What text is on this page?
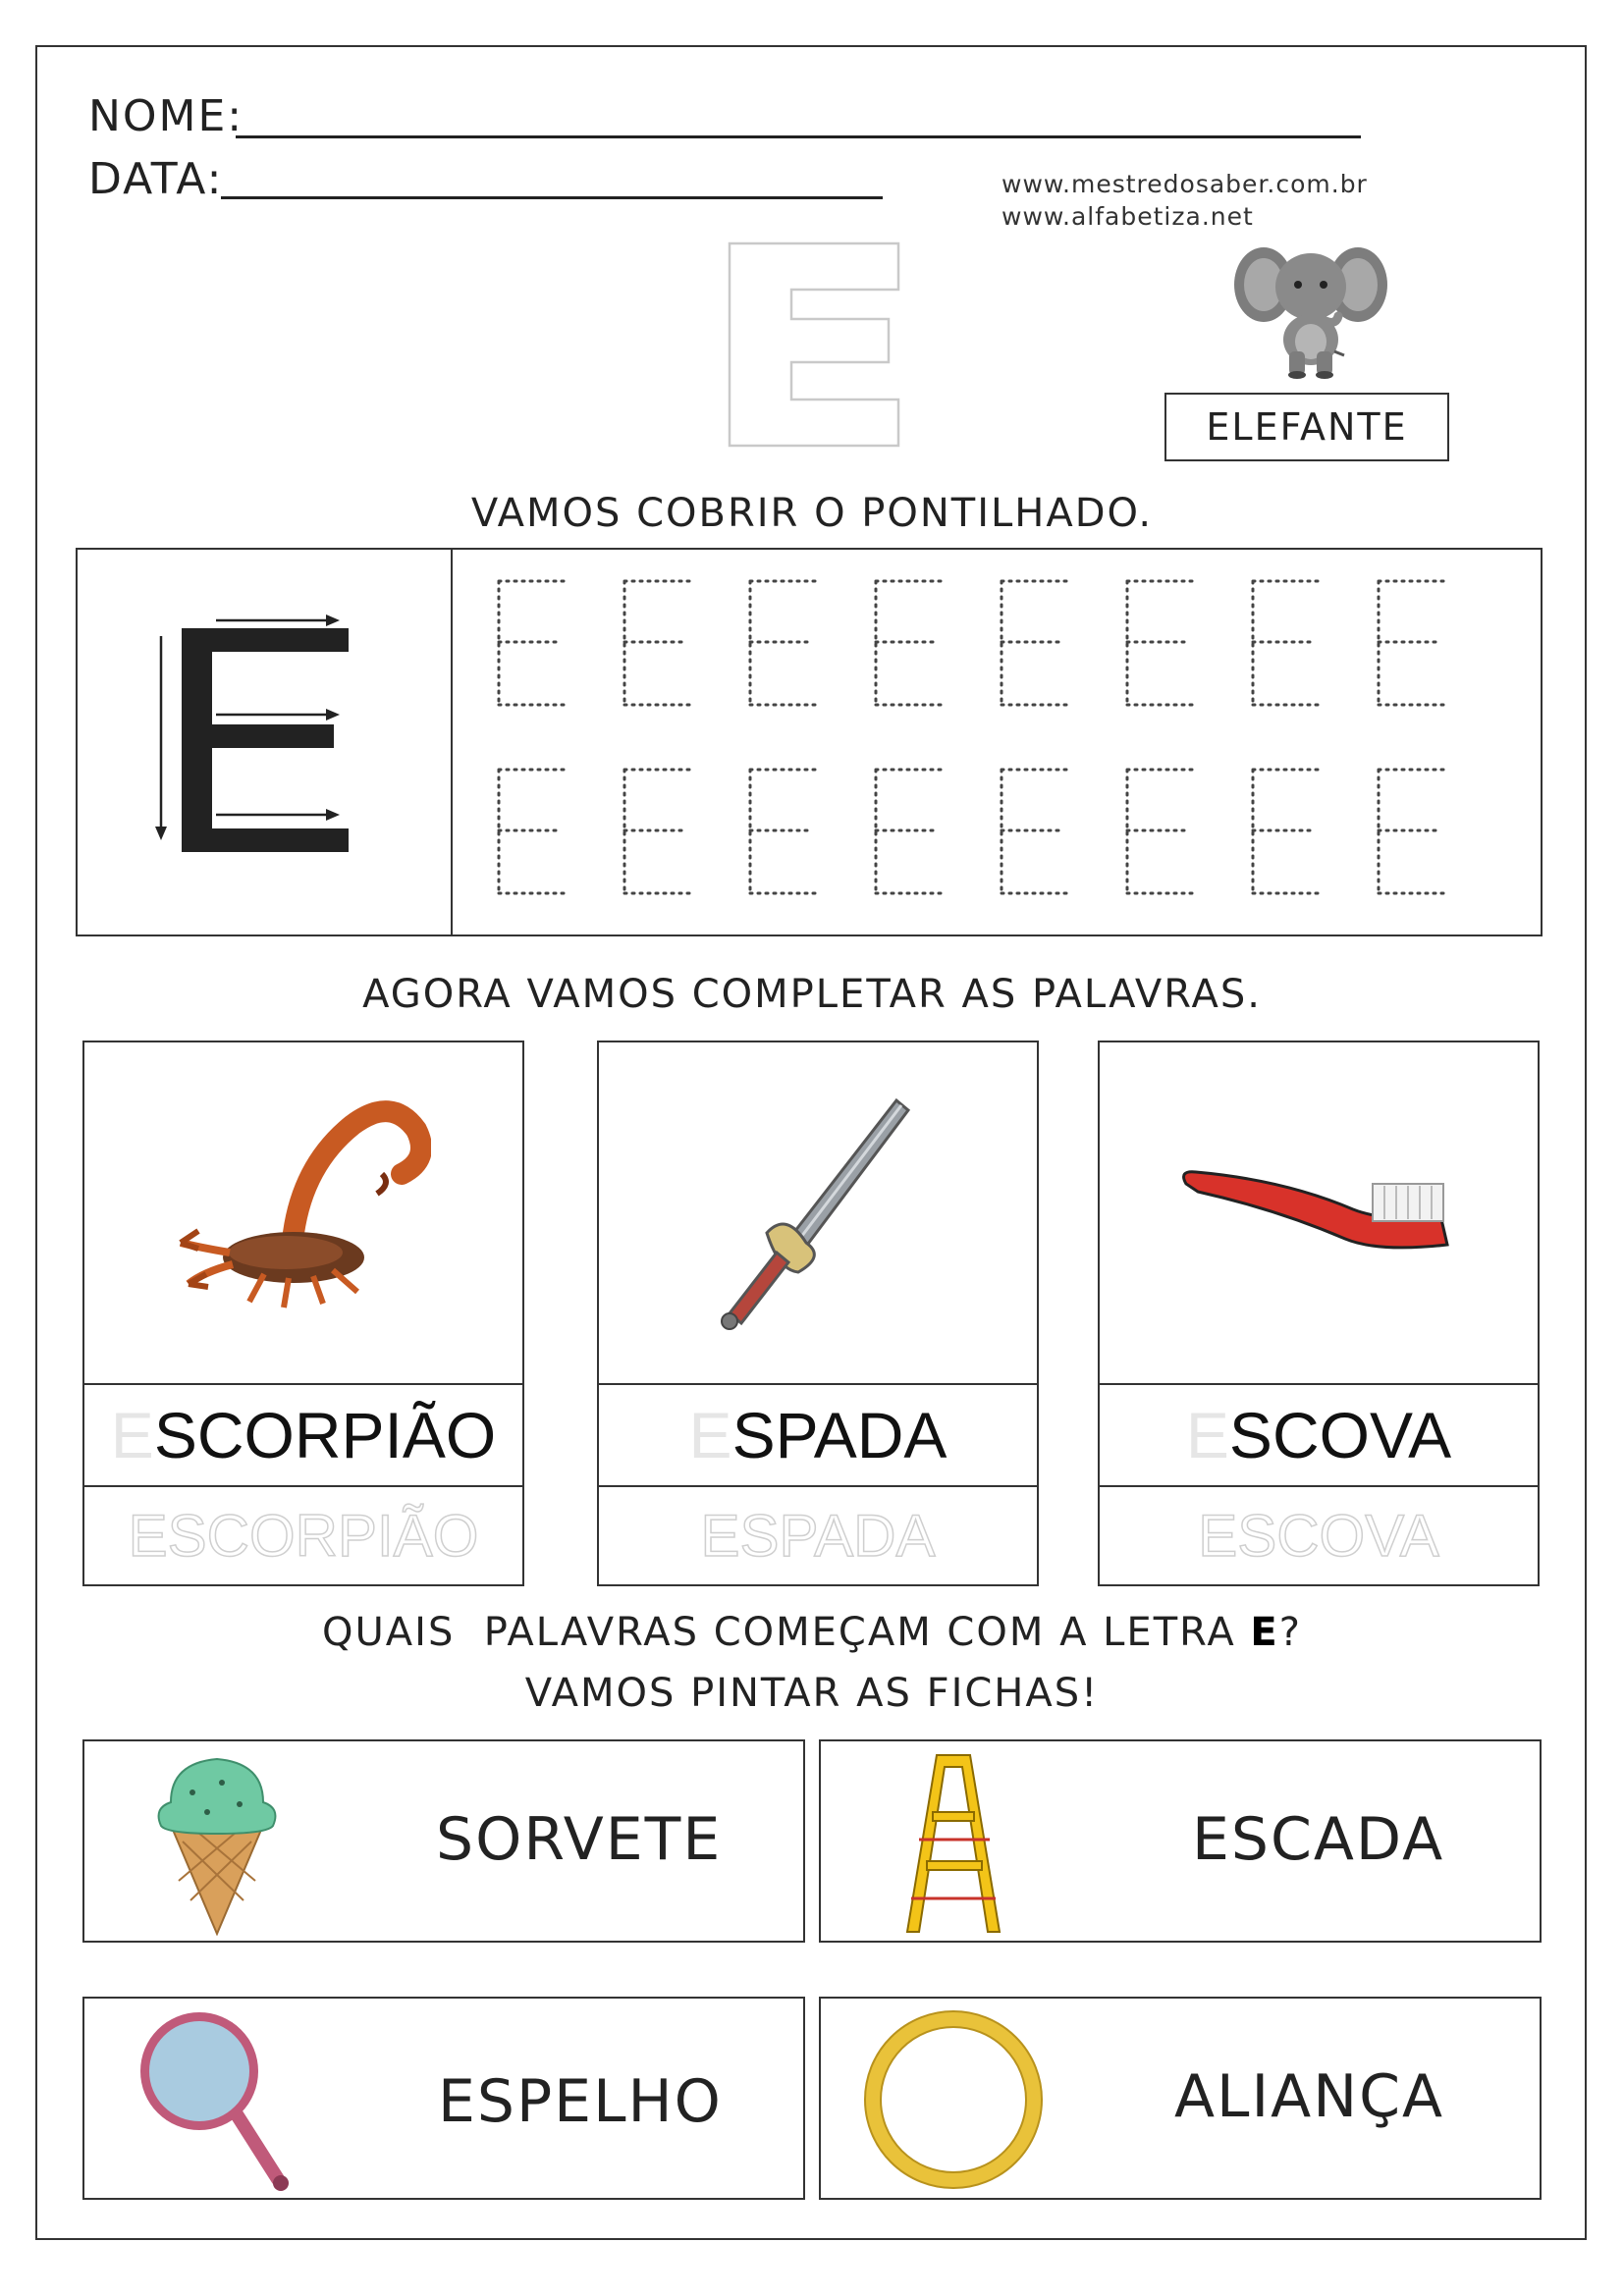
NOME:
DATA:	www.mestredosaber.com.br
www.alfabetiza.net
ELEFANTE
VAMOS COBRIR O PONTILHADO.
AGORA VAMOS COMPLETAR AS PALAVRAS.
E SCORPIÃO
ESCORPIÃO
E SPADA
ESPADA
E SCOVA
ESCOVA
QUAIS  PALAVRAS COMEÇAM COM A LETRA E?
VAMOS PINTAR AS FICHAS!
SORVETE	ESCADA
ESPELHO	ALIANÇA
